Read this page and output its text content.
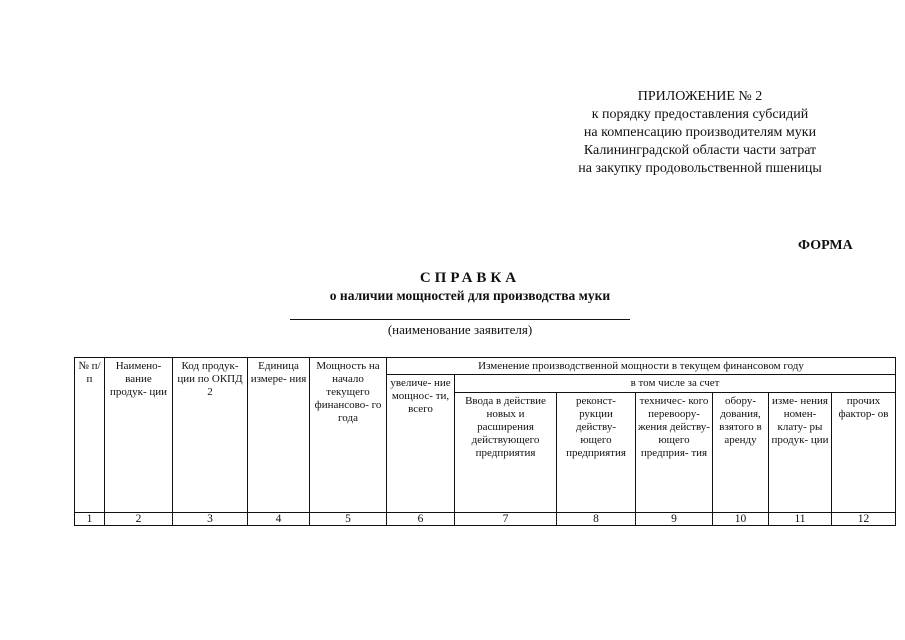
ПРИЛОЖЕНИЕ № 2
к порядку предоставления субсидий
на компенсацию производителям муки
Калининградской области части затрат
на закупку продовольственной пшеницы
ФОРМА
СПРАВКА
о наличии мощностей для производства муки
(наименование заявителя)
№ п/п	Наимено- вание продук- ции	Код продук- ции по ОКПД 2	Единица измере- ния	Мощность на начало текущего финансово- го года	Изменение производственной мощности в текущем финансовом году						
					увеличе- ние мощнос- ти, всего	в том числе за счет					
						Ввода в действие новых и расширения действующего предприятия	реконст- рукции действу- ющего предприятия	техничес- кого перевоору- жения действу- ющего предприя- тия	обору- дования, взятого в аренду	изме- нения номен- клату- ры продук- ции	прочих фактор- ов
1	2	3	4	5	6	7	8	9	10	11	12
